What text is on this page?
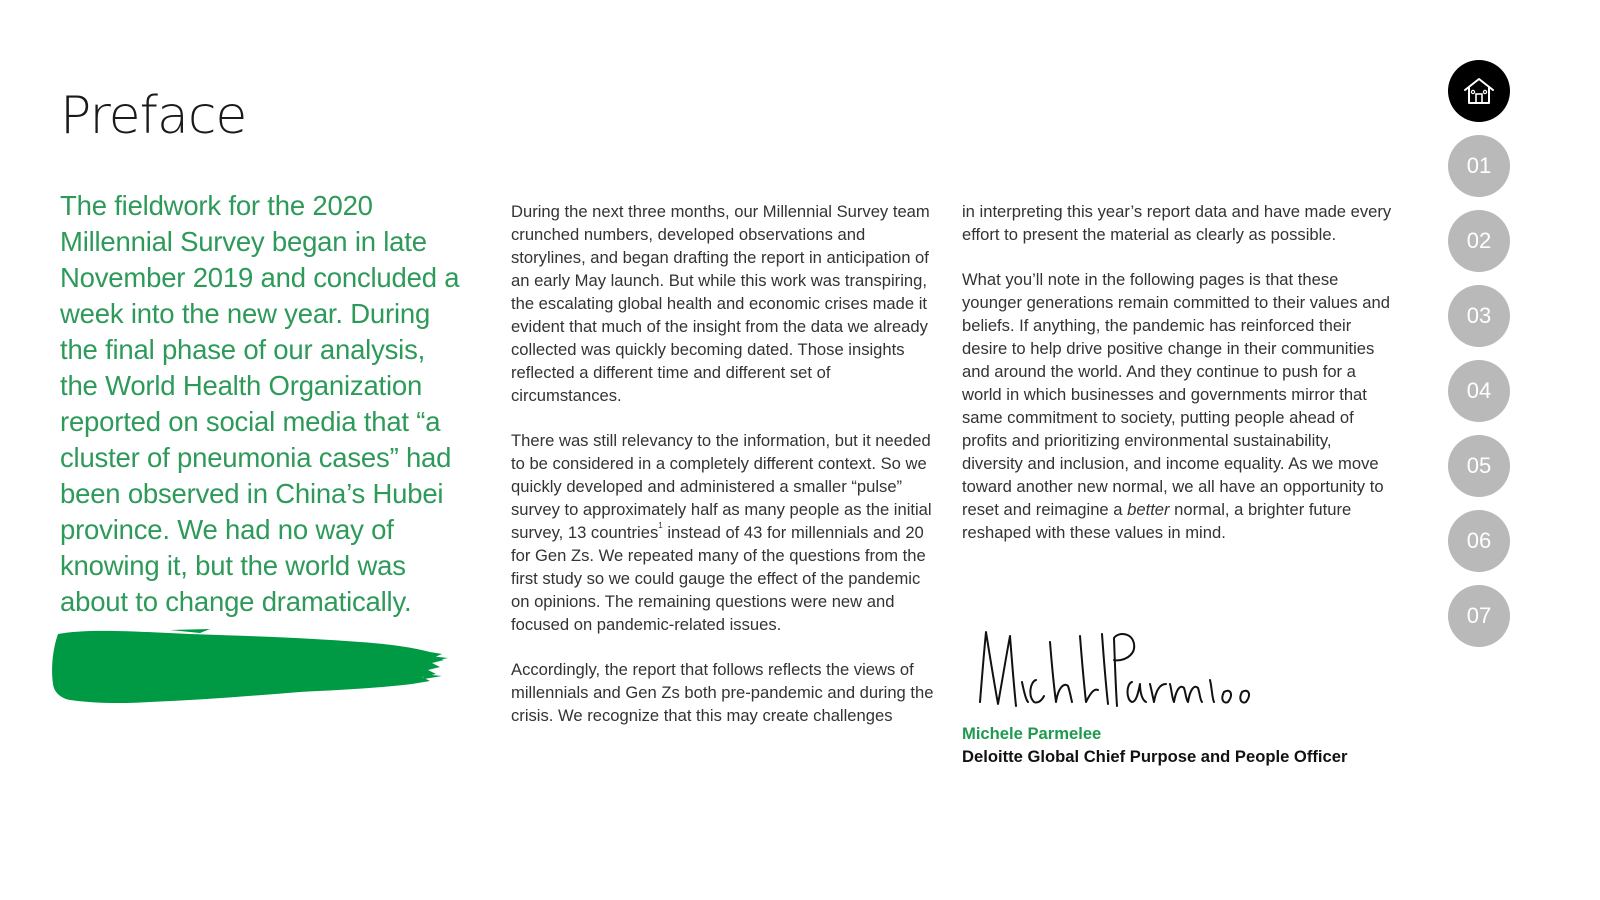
Preface

The fieldwork for the 2020 Millennial Survey began in late November 2019 and concluded a week into the new year. During the final phase of our analysis, the World Health Organization reported on social media that “a cluster of pneumonia cases” had been observed in China’s Hubei province. We had no way of knowing it, but the world was about to change dramatically.

During the next three months, our Millennial Survey team crunched numbers, developed observations and storylines, and began drafting the report in anticipation of an early May launch. But while this work was transpiring, the escalating global health and economic crises made it evident that much of the insight from the data we already collected was quickly becoming dated. Those insights reflected a different time and different set of circumstances.

There was still relevancy to the information, but it needed to be considered in a completely different context. So we quickly developed and administered a smaller “pulse” survey to approximately half as many people as the initial survey, 13 countries$^1$ instead of 43 for millennials and 20 for Gen Zs. We repeated many of the questions from the first study so we could gauge the effect of the pandemic on opinions. The remaining questions were new and focused on pandemic-related issues.

Accordingly, the report that follows reflects the views of millennials and Gen Zs both pre-pandemic and during the crisis. We recognize that this may create challenges

in interpreting this year’s report data and have made every effort to present the material as clearly as possible.

What you’ll note in the following pages is that these younger generations remain committed to their values and beliefs. If anything, the pandemic has reinforced their desire to help drive positive change in their communities and around the world. And they continue to push for a world in which businesses and governments mirror that same commitment to society, putting people ahead of profits and prioritizing environmental sustainability, diversity and inclusion, and income equality. As we move toward another new normal, we all have an opportunity to reset and reimagine a better normal, a brighter future reshaped with these values in mind.

Michele Parmelee
Deloitte Global Chief Purpose and People Officer
01
02
03
04
05
06
07
